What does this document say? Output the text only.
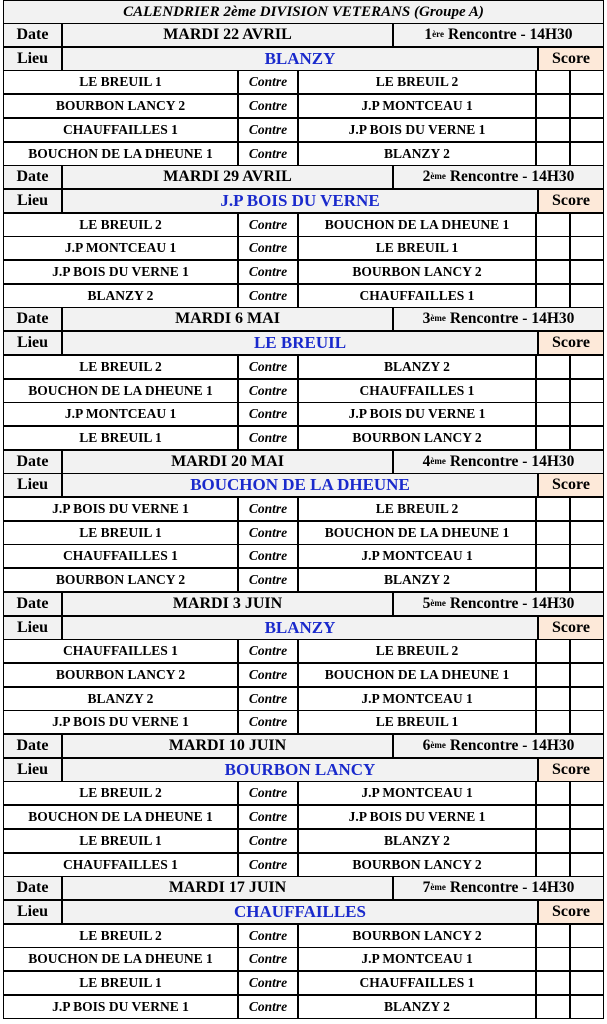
CALENDRIER 2ème DIVISION VETERANS (Groupe A)
Date	MARDI 22 AVRIL	1ère Rencontre - 14H30
Lieu	BLANZY	Score
LE BREUIL 1	Contre	LE BREUIL 2
BOURBON LANCY 2	Contre	J.P MONTCEAU 1
CHAUFFAILLES 1	Contre	J.P BOIS DU VERNE 1
BOUCHON DE LA DHEUNE 1	Contre	BLANZY 2
Date	MARDI 29 AVRIL	2ème Rencontre - 14H30
Lieu	J.P BOIS DU VERNE	Score
LE BREUIL 2	Contre	BOUCHON DE LA DHEUNE 1
J.P MONTCEAU 1	Contre	LE BREUIL 1
J.P BOIS DU VERNE 1	Contre	BOURBON LANCY 2
BLANZY 2	Contre	CHAUFFAILLES 1
Date	MARDI 6 MAI	3ème Rencontre - 14H30
Lieu	LE BREUIL	Score
LE BREUIL 2	Contre	BLANZY 2
BOUCHON DE LA DHEUNE 1	Contre	CHAUFFAILLES 1
J.P MONTCEAU 1	Contre	J.P BOIS DU VERNE 1
LE BREUIL 1	Contre	BOURBON LANCY 2
Date	MARDI 20 MAI	4ème Rencontre - 14H30
Lieu	BOUCHON DE LA DHEUNE	Score
J.P BOIS DU VERNE 1	Contre	LE BREUIL 2
LE BREUIL 1	Contre	BOUCHON DE LA DHEUNE 1
CHAUFFAILLES 1	Contre	J.P MONTCEAU 1
BOURBON LANCY 2	Contre	BLANZY 2
Date	MARDI 3 JUIN	5ème Rencontre - 14H30
Lieu	BLANZY	Score
CHAUFFAILLES 1	Contre	LE BREUIL 2
BOURBON LANCY 2	Contre	BOUCHON DE LA DHEUNE 1
BLANZY 2	Contre	J.P MONTCEAU 1
J.P BOIS DU VERNE 1	Contre	LE BREUIL 1
Date	MARDI 10 JUIN	6ème Rencontre - 14H30
Lieu	BOURBON LANCY	Score
LE BREUIL 2	Contre	J.P MONTCEAU 1
BOUCHON DE LA DHEUNE 1	Contre	J.P BOIS DU VERNE 1
LE BREUIL 1	Contre	BLANZY 2
CHAUFFAILLES 1	Contre	BOURBON LANCY 2
Date	MARDI 17 JUIN	7ème Rencontre - 14H30
Lieu	CHAUFFAILLES	Score
LE BREUIL 2	Contre	BOURBON LANCY 2
BOUCHON DE LA DHEUNE 1	Contre	J.P MONTCEAU 1
LE BREUIL 1	Contre	CHAUFFAILLES 1
J.P BOIS DU VERNE 1	Contre	BLANZY 2
